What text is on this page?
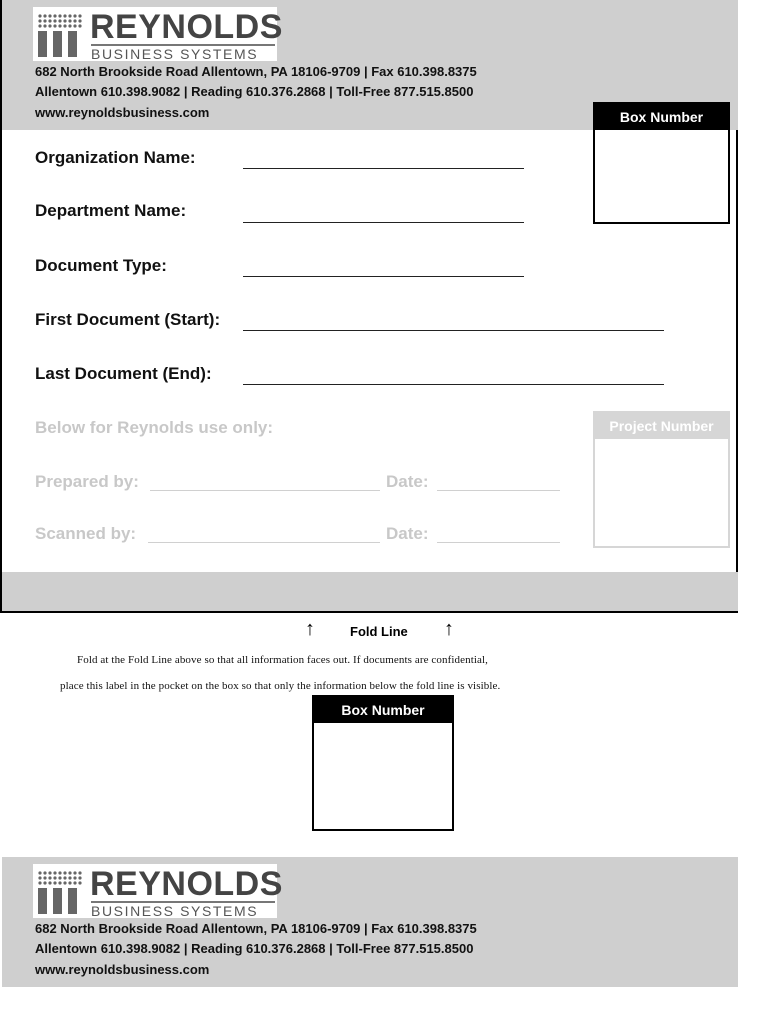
REYNOLDS
BUSINESS SYSTEMS
682 North Brookside Road Allentown, PA 18106-9709 | Fax 610.398.8375
Allentown 610.398.9082 | Reading 610.376.2868 | Toll-Free 877.515.8500
www.reynoldsbusiness.com	Box Number
Organization Name:
Department Name:
Document Type:
First Document (Start):
Last Document (End):
Below for Reynolds use only:
Prepared by:	Date:
Scanned by:	Date:
Project Number
↑	Fold Line ↑
Fold at the Fold Line above so that all information faces out. If documents are confidential,
place this label in the pocket on the box so that only the information below the fold line is visible.
Box Number
REYNOLDS
BUSINESS SYSTEMS
682 North Brookside Road Allentown, PA 18106-9709 | Fax 610.398.8375
Allentown 610.398.9082 | Reading 610.376.2868 | Toll-Free 877.515.8500
www.reynoldsbusiness.com
